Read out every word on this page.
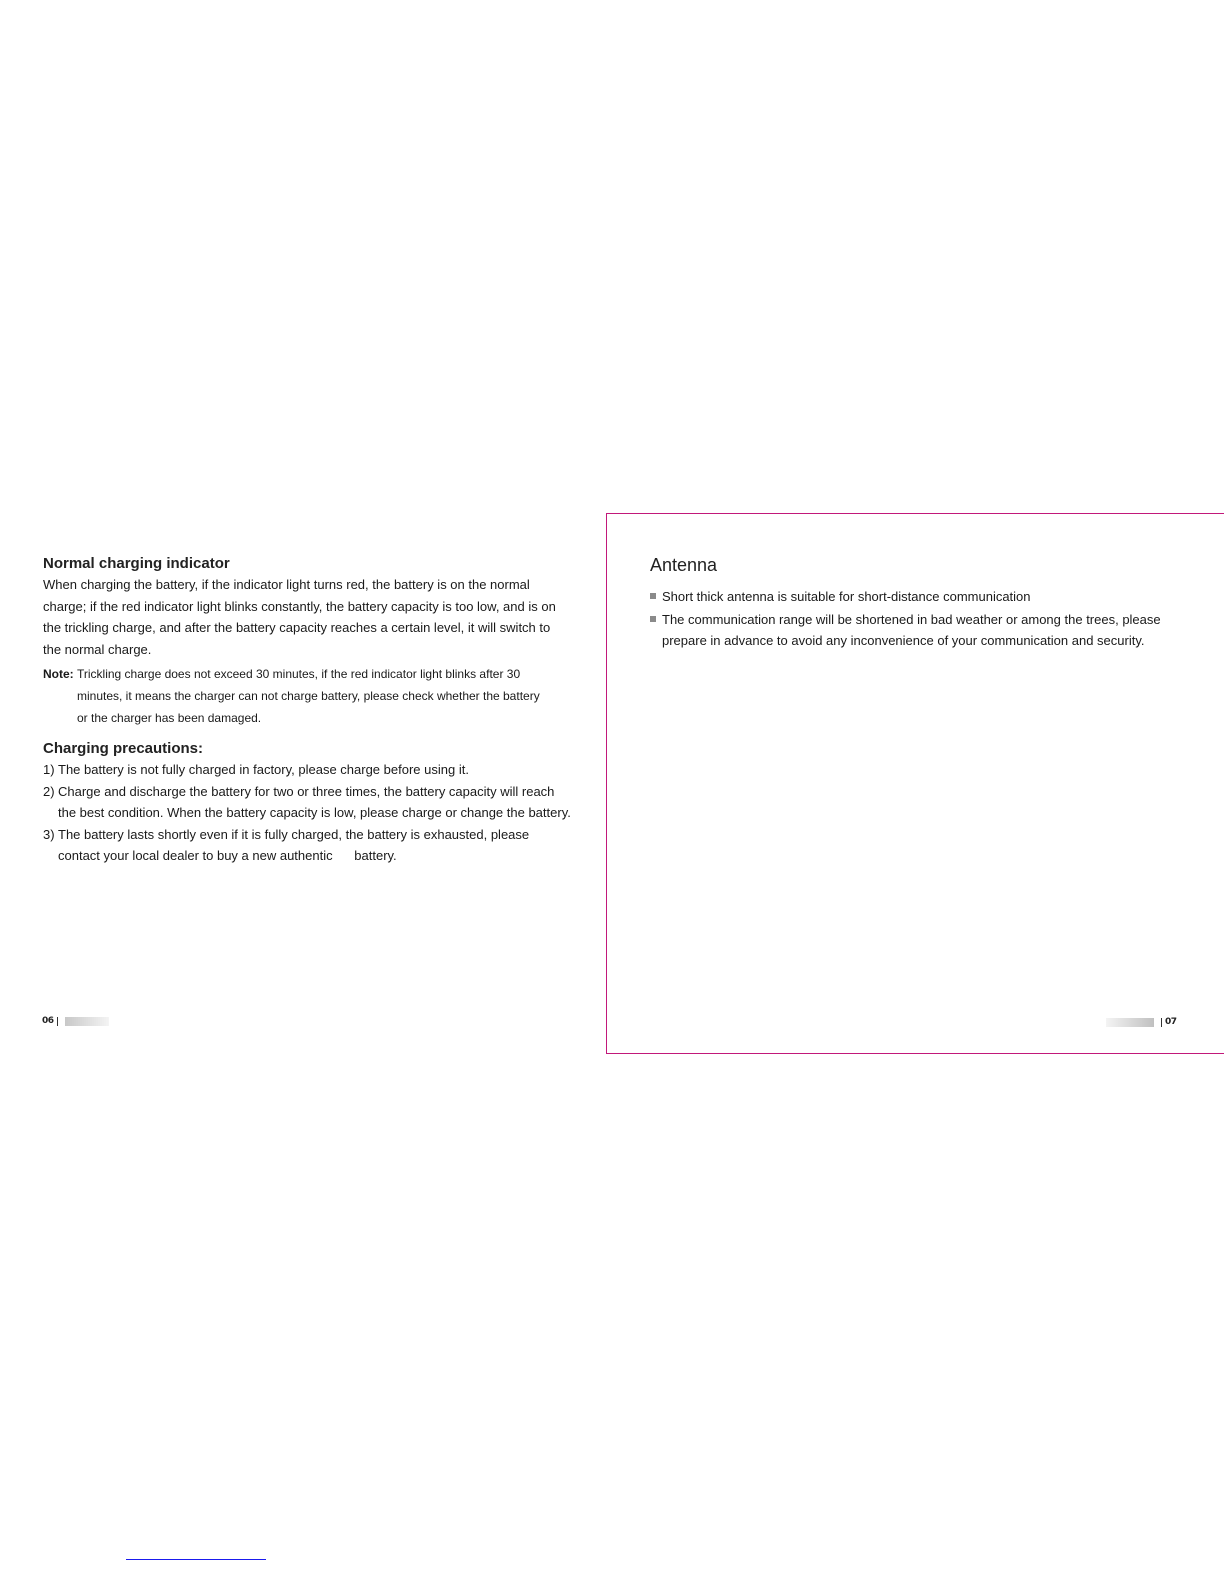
Normal charging indicator
When charging the battery, if the indicator light turns red, the battery is on the normal
charge; if the red indicator light blinks constantly, the battery capacity is too low, and is on
the trickling charge, and after the battery capacity reaches a certain level, it will switch to
the normal charge.
Note: Trickling charge does not exceed 30 minutes, if the red indicator light blinks after 30
minutes, it means the charger can not charge battery, please check whether the battery
or the charger has been damaged.
Charging precautions:
1) The battery is not fully charged in factory, please charge before using it.
2) Charge and discharge the battery for two or three times, the battery capacity will reach
the best condition. When the battery capacity is low, please charge or change the battery.
3) The battery lasts shortly even if it is fully charged, the battery is exhausted, please
contact your local dealer to buy a new authentic      battery.
06
Antenna
Short thick antenna is suitable for short-distance communication
The communication range will be shortened in bad weather or among the trees, please
prepare in advance to avoid any inconvenience of your communication and security.
07
